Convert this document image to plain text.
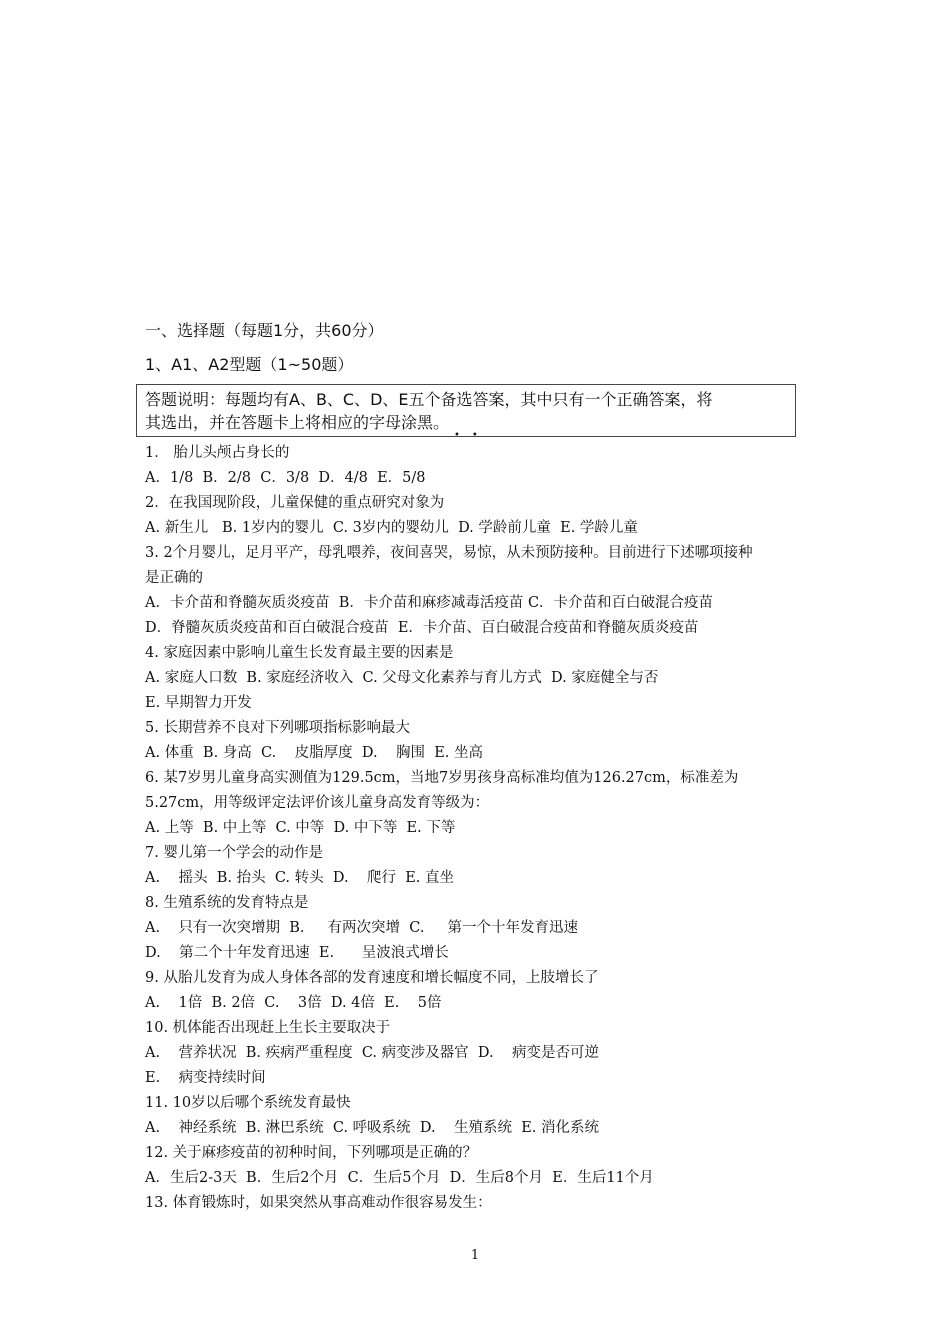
一、选择题（每题1分，共60分）
1、A1、A2型题（1~50题）
答题说明：每题均有A、B、C、D、E五个备选答案，其中只有一个正确答案，将
其选出，并在答题卡上将相应的字母涂黑。
••
1． 胎儿头颅占身长的
A．1/8  B．2/8  C．3/8  D．4/8  E．5/8
2．在我国现阶段，儿童保健的重点研究对象为
A. 新生儿   B. 1岁内的婴儿  C. 3岁内的婴幼儿  D. 学龄前儿童  E. 学龄儿童
3. 2个月婴儿，足月平产，母乳喂养，夜间喜哭，易惊，从未预防接种。目前进行下述哪项接种
是正确的
A．卡介苗和脊髓灰质炎疫苗  B．卡介苗和麻疹减毒活疫苗 C．卡介苗和百白破混合疫苗
D．脊髓灰质炎疫苗和百白破混合疫苗  E．卡介苗、百白破混合疫苗和脊髓灰质炎疫苗
4. 家庭因素中影响儿童生长发育最主要的因素是
A. 家庭人口数  B. 家庭经济收入  C. 父母文化素养与育儿方式  D. 家庭健全与否
E. 早期智力开发
5. 长期营养不良对下列哪项指标影响最大
A. 体重  B. 身高  C.    皮脂厚度  D.    胸围  E. 坐高
6. 某7岁男儿童身高实测值为129.5cm，当地7岁男孩身高标准均值为126.27cm，标准差为
5.27cm，用等级评定法评价该儿童身高发育等级为：
A. 上等  B. 中上等  C. 中等  D. 中下等  E. 下等
7. 婴儿第一个学会的动作是
A.    摇头  B. 抬头  C. 转头  D.    爬行  E. 直坐
8. 生殖系统的发育特点是
A.    只有一次突增期  B.     有两次突增  C.     第一个十年发育迅速
D.    第二个十年发育迅速  E.      呈波浪式增长
9. 从胎儿发育为成人身体各部的发育速度和增长幅度不同，上肢增长了
A.    1倍  B. 2倍  C.    3倍  D. 4倍  E.    5倍
10. 机体能否出现赶上生长主要取决于
A.    营养状况  B. 疾病严重程度  C. 病变涉及器官  D.    病变是否可逆
E.    病变持续时间
11. 10岁以后哪个系统发育最快
A.    神经系统  B. 淋巴系统  C. 呼吸系统  D.    生殖系统  E. 消化系统
12. 关于麻疹疫苗的初种时间，下列哪项是正确的？
A．生后2-3天  B．生后2个月  C．生后5个月  D．生后8个月  E．生后11个月
13. 体育锻炼时，如果突然从事高难动作很容易发生：
1
